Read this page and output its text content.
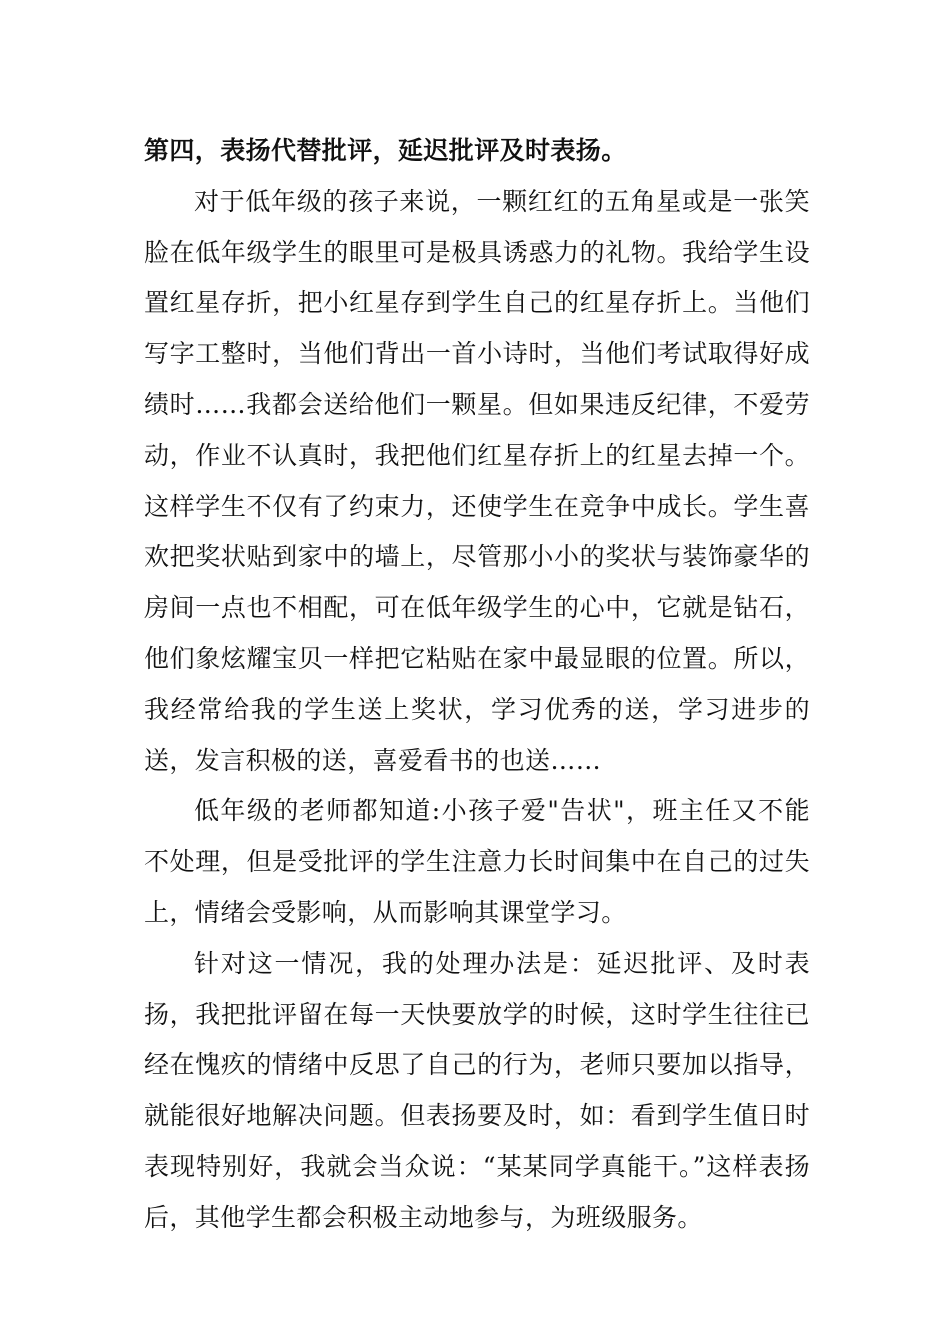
第四，表扬代替批评，延迟批评及时表扬。

对于低年级的孩子来说，一颗红红的五角星或是一张笑脸在低年级学生的眼里可是极具诱惑力的礼物。我给学生设置红星存折，把小红星存到学生自己的红星存折上。当他们写字工整时，当他们背出一首小诗时，当他们考试取得好成绩时……我都会送给他们一颗星。但如果违反纪律，不爱劳动，作业不认真时，我把他们红星存折上的红星去掉一个。这样学生不仅有了约束力，还使学生在竞争中成长。学生喜欢把奖状贴到家中的墙上，尽管那小小的奖状与装饰豪华的房间一点也不相配，可在低年级学生的心中，它就是钻石，他们象炫耀宝贝一样把它粘贴在家中最显眼的位置。所以，我经常给我的学生送上奖状，学习优秀的送，学习进步的送，发言积极的送，喜爱看书的也送……

低年级的老师都知道:小孩子爱"告状"，班主任又不能不处理，但是受批评的学生注意力长时间集中在自己的过失上，情绪会受影响，从而影响其课堂学习。

针对这一情况，我的处理办法是：延迟批评、及时表扬，我把批评留在每一天快要放学的时候，这时学生往往已经在愧疚的情绪中反思了自己的行为，老师只要加以指导，就能很好地解决问题。但表扬要及时，如：看到学生值日时表现特别好，我就会当众说：“某某同学真能干。”这样表扬后，其他学生都会积极主动地参与，为班级服务。
